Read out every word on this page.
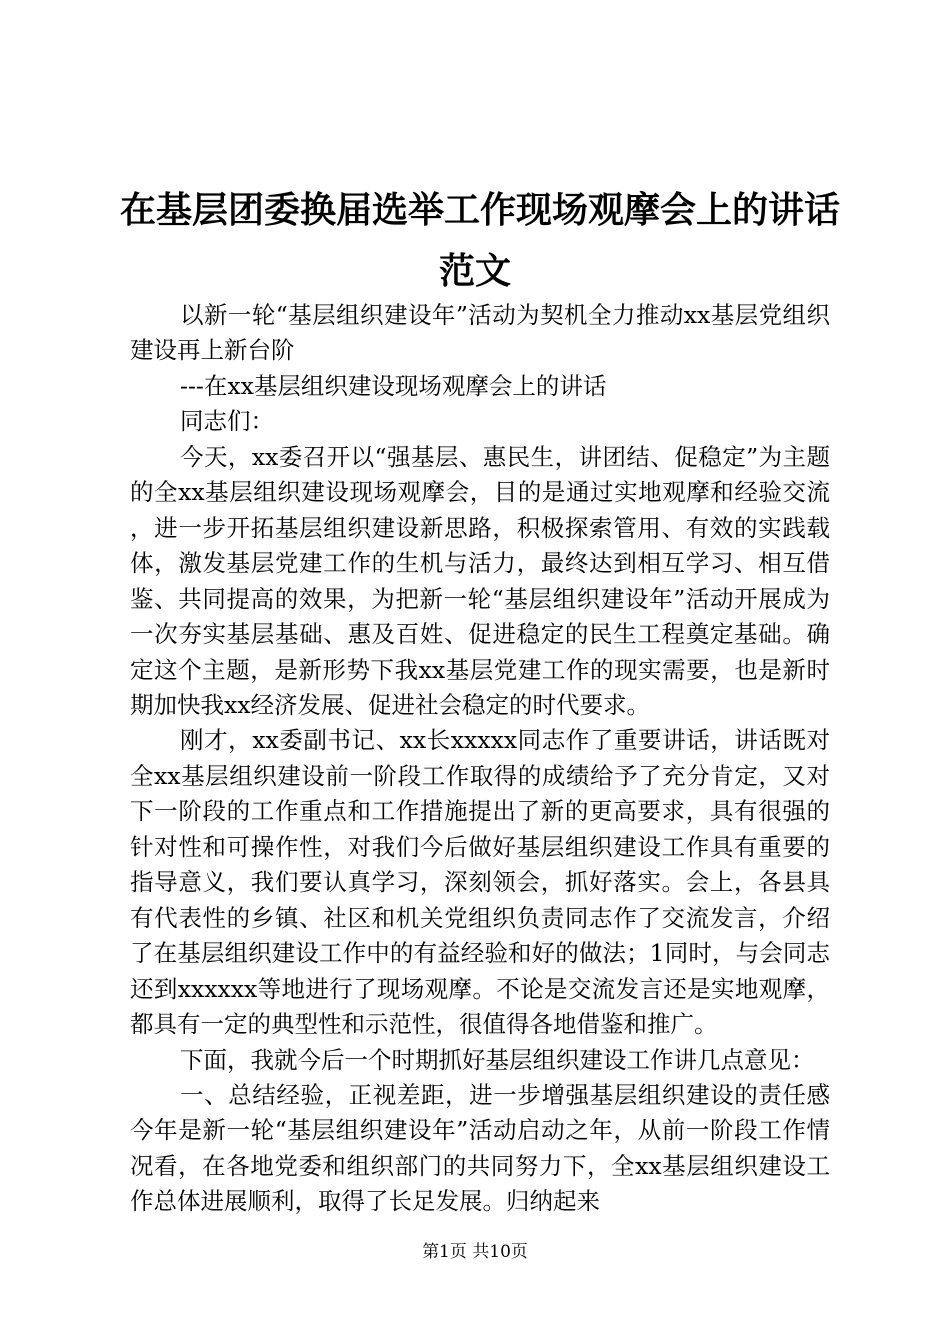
在基层团委换届选举工作现场观摩会上的讲话
范文

以新一轮“基层组织建设年”活动为契机全力推动xx基层党组织建设再上新台阶

---在xx基层组织建设现场观摩会上的讲话

同志们：

今天，xx委召开以“强基层、惠民生，讲团结、促稳定”为主题的全xx基层组织建设现场观摩会，目的是通过实地观摩和经验交流，进一步开拓基层组织建设新思路，积极探索管用、有效的实践载体，激发基层党建工作的生机与活力，最终达到相互学习、相互借鉴、共同提高的效果，为把新一轮“基层组织建设年”活动开展成为一次夯实基层基础、惠及百姓、促进稳定的民生工程奠定基础。确定这个主题，是新形势下我xx基层党建工作的现实需要，也是新时期加快我xx经济发展、促进社会稳定的时代要求。

刚才，xx委副书记、xx长xxxxx同志作了重要讲话，讲话既对全xx基层组织建设前一阶段工作取得的成绩给予了充分肯定，又对下一阶段的工作重点和工作措施提出了新的更高要求，具有很强的针对性和可操作性，对我们今后做好基层组织建设工作具有重要的指导意义，我们要认真学习，深刻领会，抓好落实。会上，各县具有代表性的乡镇、社区和机关党组织负责同志作了交流发言，介绍了在基层组织建设工作中的有益经验和好的做法；1同时，与会同志还到xxxxxx等地进行了现场观摩。不论是交流发言还是实地观摩，都具有一定的典型性和示范性，很值得各地借鉴和推广。

下面，我就今后一个时期抓好基层组织建设工作讲几点意见：

一、总结经验，正视差距，进一步增强基层组织建设的责任感今年是新一轮“基层组织建设年”活动启动之年，从前一阶段工作情况看，在各地党委和组织部门的共同努力下，全xx基层组织建设工作总体进展顺利，取得了长足发展。归纳起来

第1页 共10页
